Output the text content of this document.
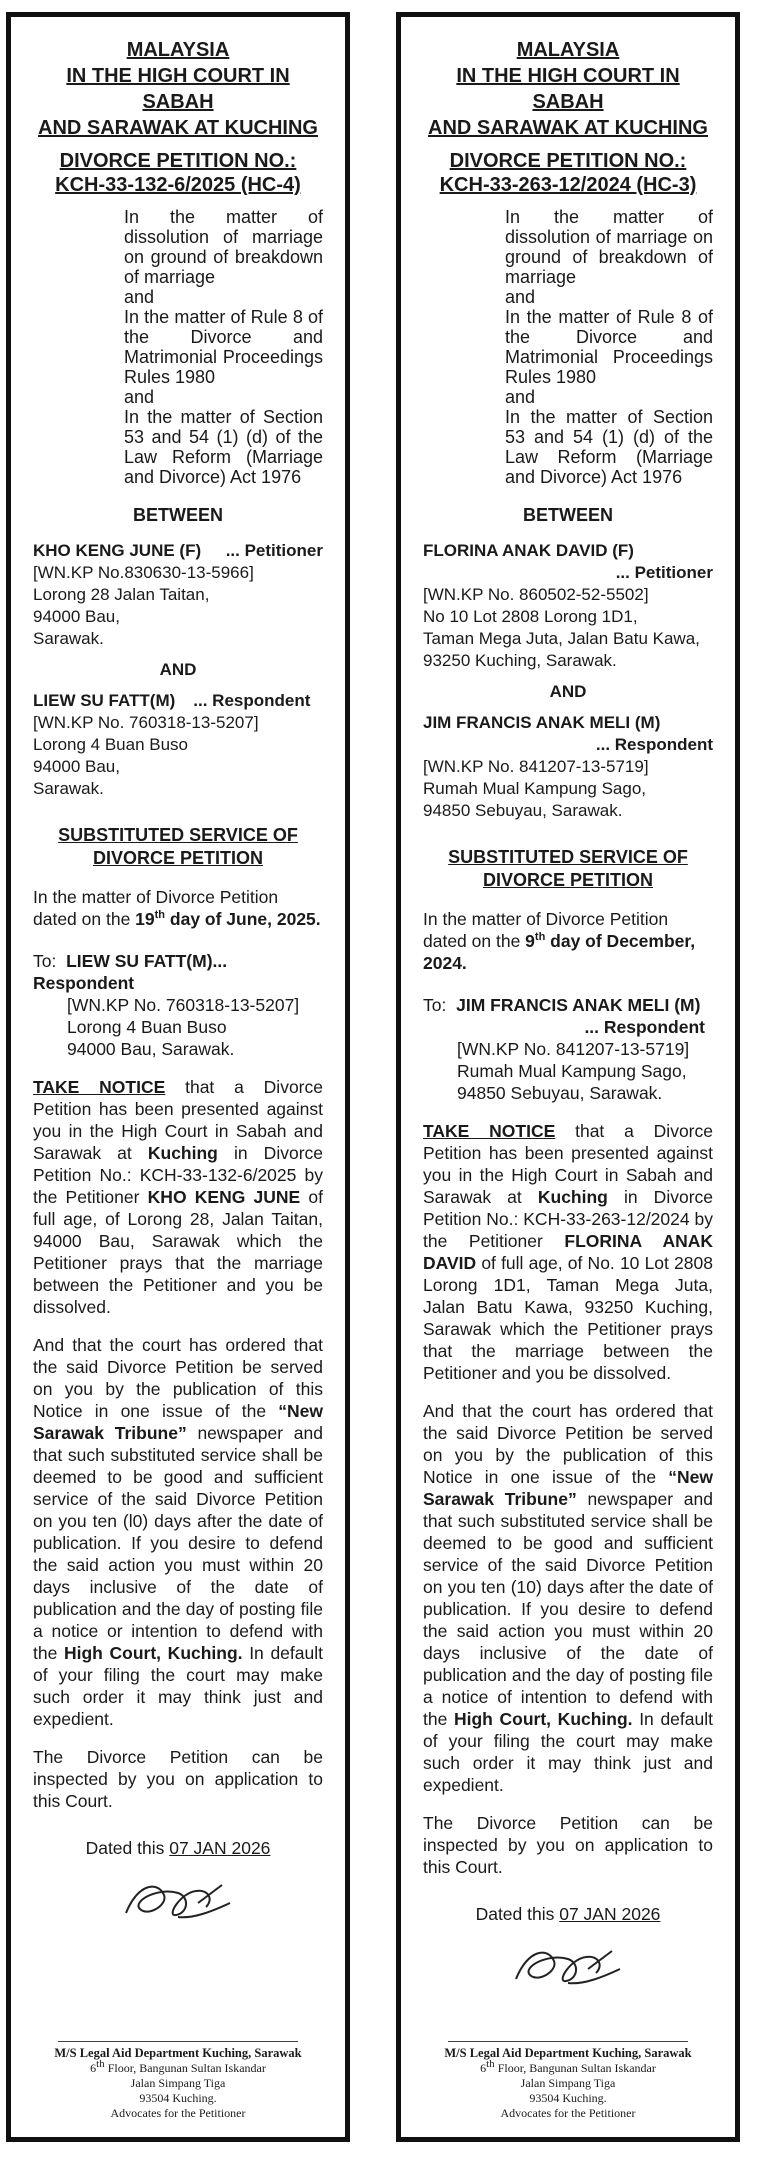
MALAYSIA
IN THE HIGH COURT IN SABAH
AND SARAWAK AT KUCHING
DIVORCE PETITION NO.:
KCH-33-132-6/2025 (HC-4)
In the matter of dissolution of marriage on ground of breakdown of marriage
and
In the matter of Rule 8 of the Divorce and Matrimonial Proceedings Rules 1980
and
In the matter of Section 53 and 54 (1) (d) of the Law Reform (Marriage and Divorce) Act 1976
BETWEEN
KHO KENG JUNE (F) ... Petitioner
[WN.KP No.830630-13-5966]
Lorong 28 Jalan Taitan,
94000 Bau,
Sarawak.
AND
LIEW SU FATT(M) ... Respondent
[WN.KP No. 760318-13-5207]
Lorong 4 Buan Buso
94000 Bau,
Sarawak.
SUBSTITUTED SERVICE OF
DIVORCE PETITION
In the matter of Divorce Petition dated on the 19th day of June, 2025.
To: LIEW SU FATT(M)... Respondent
[WN.KP No. 760318-13-5207]
Lorong 4 Buan Buso
94000 Bau, Sarawak.
TAKE NOTICE that a Divorce Petition has been presented against you in the High Court in Sabah and Sarawak at Kuching in Divorce Petition No.: KCH-33-132-6/2025 by the Petitioner KHO KENG JUNE of full age, of Lorong 28, Jalan Taitan, 94000 Bau, Sarawak which the Petitioner prays that the marriage between the Petitioner and you be dissolved.
And that the court has ordered that the said Divorce Petition be served on you by the publication of this Notice in one issue of the “New Sarawak Tribune” newspaper and that such substituted service shall be deemed to be good and sufficient service of the said Divorce Petition on you ten (l0) days after the date of publication. If you desire to defend the said action you must within 20 days inclusive of the date of publication and the day of posting file a notice or intention to defend with the High Court, Kuching. In default of your filing the court may make such order it may think just and expedient.
The Divorce Petition can be inspected by you on application to this Court.
Dated this 07 JAN 2026
M/S Legal Aid Department Kuching, Sarawak
6th Floor, Bangunan Sultan Iskandar
Jalan Simpang Tiga
93504 Kuching.
Advocates for the Petitioner
MALAYSIA
IN THE HIGH COURT IN SABAH
AND SARAWAK AT KUCHING
DIVORCE PETITION NO.:
KCH-33-263-12/2024 (HC-3)
In the matter of dissolution of marriage on ground of breakdown of marriage
and
In the matter of Rule 8 of the Divorce and Matrimonial Proceedings Rules 1980
and
In the matter of Section 53 and 54 (1) (d) of the Law Reform (Marriage and Divorce) Act 1976
BETWEEN
FLORINA ANAK DAVID (F)
... Petitioner
[WN.KP No. 860502-52-5502]
No 10 Lot 2808 Lorong 1D1,
Taman Mega Juta, Jalan Batu Kawa,
93250 Kuching, Sarawak.
AND
JIM FRANCIS ANAK MELI (M)
... Respondent
[WN.KP No. 841207-13-5719]
Rumah Mual Kampung Sago,
94850 Sebuyau, Sarawak.
SUBSTITUTED SERVICE OF
DIVORCE PETITION
In the matter of Divorce Petition dated on the 9th day of December, 2024.
To: JIM FRANCIS ANAK MELI (M)
... Respondent
[WN.KP No. 841207-13-5719]
Rumah Mual Kampung Sago,
94850 Sebuyau, Sarawak.
TAKE NOTICE that a Divorce Petition has been presented against you in the High Court in Sabah and Sarawak at Kuching in Divorce Petition No.: KCH-33-263-12/2024 by the Petitioner FLORINA ANAK DAVID of full age, of No. 10 Lot 2808 Lorong 1D1, Taman Mega Juta, Jalan Batu Kawa, 93250 Kuching, Sarawak which the Petitioner prays that the marriage between the Petitioner and you be dissolved.
And that the court has ordered that the said Divorce Petition be served on you by the publication of this Notice in one issue of the “New Sarawak Tribune” newspaper and that such substituted service shall be deemed to be good and sufficient service of the said Divorce Petition on you ten (10) days after the date of publication. If you desire to defend the said action you must within 20 days inclusive of the date of publication and the day of posting file a notice of intention to defend with the High Court, Kuching. In default of your filing the court may make such order it may think just and expedient.
The Divorce Petition can be inspected by you on application to this Court.
Dated this 07 JAN 2026
M/S Legal Aid Department Kuching, Sarawak
6th Floor, Bangunan Sultan Iskandar
Jalan Simpang Tiga
93504 Kuching.
Advocates for the Petitioner
